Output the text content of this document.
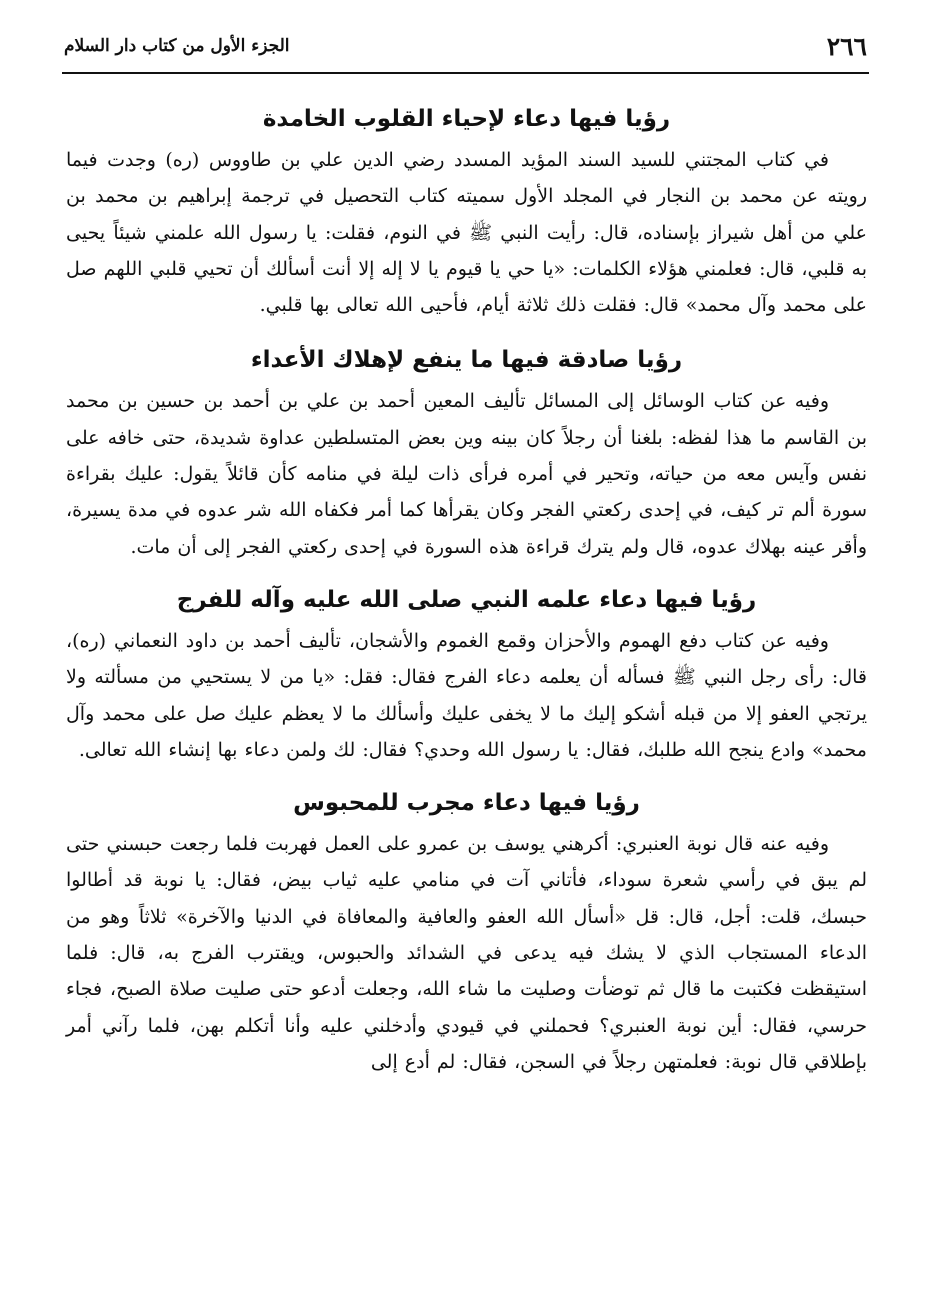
٢٦٦
الجزء الأول من كتاب دار السلام
رؤيا فيها دعاء لإحياء القلوب الخامدة

في كتاب المجتني للسيد السند المؤيد المسدد رضي الدين علي بن طاووس (ره) وجدت فيما رويته عن محمد بن النجار في المجلد الأول سميته كتاب التحصيل في ترجمة إبراهيم بن محمد بن علي من أهل شيراز بإسناده، قال: رأيت النبي ﷺ في النوم، فقلت: يا رسول الله علمني شيئاً يحيى به قلبي، قال: فعلمني هؤلاء الكلمات: «يا حي يا قيوم يا لا إله إلا أنت أسألك أن تحيي قلبي اللهم صل على محمد وآل محمد» قال: فقلت ذلك ثلاثة أيام، فأحيى الله تعالى بها قلبي.

رؤيا صادقة فيها ما ينفع لإهلاك الأعداء

وفيه عن كتاب الوسائل إلى المسائل تأليف المعين أحمد بن علي بن أحمد بن حسين بن محمد بن القاسم ما هذا لفظه: بلغنا أن رجلاً كان بينه وين بعض المتسلطين عداوة شديدة، حتى خافه على نفس وآيس معه من حياته، وتحير في أمره فرأى ذات ليلة في منامه كأن قائلاً يقول: عليك بقراءة سورة ألم تر كيف، في إحدى ركعتي الفجر وكان يقرأها كما أمر فكفاه الله شر عدوه في مدة يسيرة، وأقر عينه بهلاك عدوه، قال ولم يترك قراءة هذه السورة في إحدى ركعتي الفجر إلى أن مات.

رؤيا فيها دعاء علمه النبي صلى الله عليه وآله للفرج

وفيه عن كتاب دفع الهموم والأحزان وقمع الغموم والأشجان، تأليف أحمد بن داود النعماني (ره)، قال: رأى رجل النبي ﷺ فسأله أن يعلمه دعاء الفرج فقال: فقل: «يا من لا يستحيي من مسألته ولا يرتجي العفو إلا من قبله أشكو إليك ما لا يخفى عليك وأسألك ما لا يعظم عليك صل على محمد وآل محمد» وادع ينجح الله طلبك، فقال: يا رسول الله وحدي؟ فقال: لك ولمن دعاء بها إنشاء الله تعالى.

رؤيا فيها دعاء مجرب للمحبوس

وفيه عنه قال نوبة العنبري: أكرهني يوسف بن عمرو على العمل فهربت فلما رجعت حبسني حتى لم يبق في رأسي شعرة سوداء، فأتاني آت في منامي عليه ثياب بيض، فقال: يا نوبة قد أطالوا حبسك، قلت: أجل، قال: قل «أسأل الله العفو والعافية والمعافاة في الدنيا والآخرة» ثلاثاً وهو من الدعاء المستجاب الذي لا يشك فيه يدعى في الشدائد والحبوس، ويقترب الفرج به، قال: فلما استيقظت فكتبت ما قال ثم توضأت وصليت ما شاء الله، وجعلت أدعو حتى صليت صلاة الصبح، فجاء حرسي، فقال: أين نوبة العنبري؟ فحملني في قيودي وأدخلني عليه وأنا أتكلم بهن، فلما رآني أمر بإطلاقي قال نوبة: فعلمتهن رجلاً في السجن، فقال: لم أدع إلى
